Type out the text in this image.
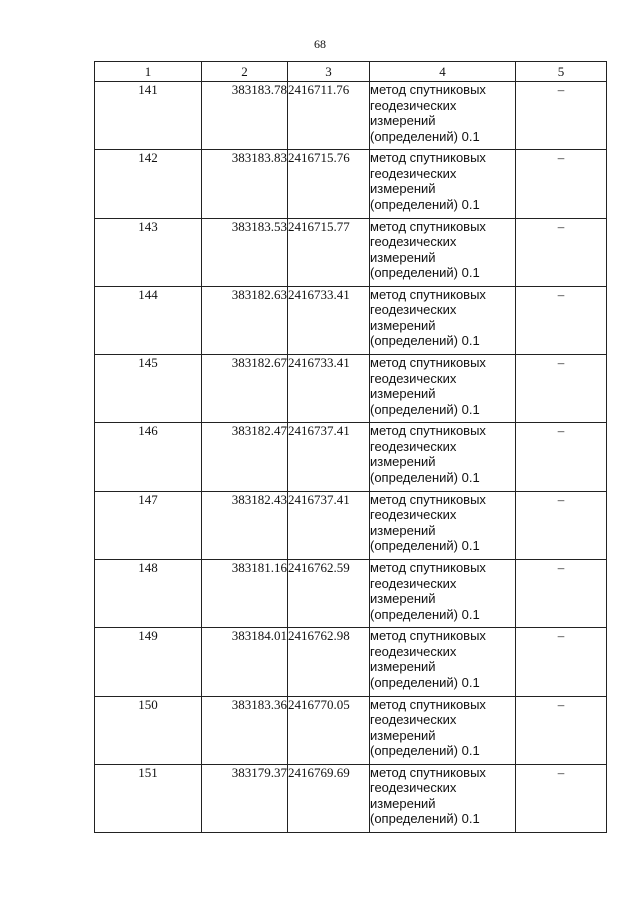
68
1	2	3	4	5
141	383183.78	2416711.76	метод спутниковых геодезических измерений (определений) 0.1	–
142	383183.83	2416715.76	метод спутниковых геодезических измерений (определений) 0.1	–
143	383183.53	2416715.77	метод спутниковых геодезических измерений (определений) 0.1	–
144	383182.63	2416733.41	метод спутниковых геодезических измерений (определений) 0.1	–
145	383182.67	2416733.41	метод спутниковых геодезических измерений (определений) 0.1	–
146	383182.47	2416737.41	метод спутниковых геодезических измерений (определений) 0.1	–
147	383182.43	2416737.41	метод спутниковых геодезических измерений (определений) 0.1	–
148	383181.16	2416762.59	метод спутниковых геодезических измерений (определений) 0.1	–
149	383184.01	2416762.98	метод спутниковых геодезических измерений (определений) 0.1	–
150	383183.36	2416770.05	метод спутниковых геодезических измерений (определений) 0.1	–
151	383179.37	2416769.69	метод спутниковых геодезических измерений (определений) 0.1	–
